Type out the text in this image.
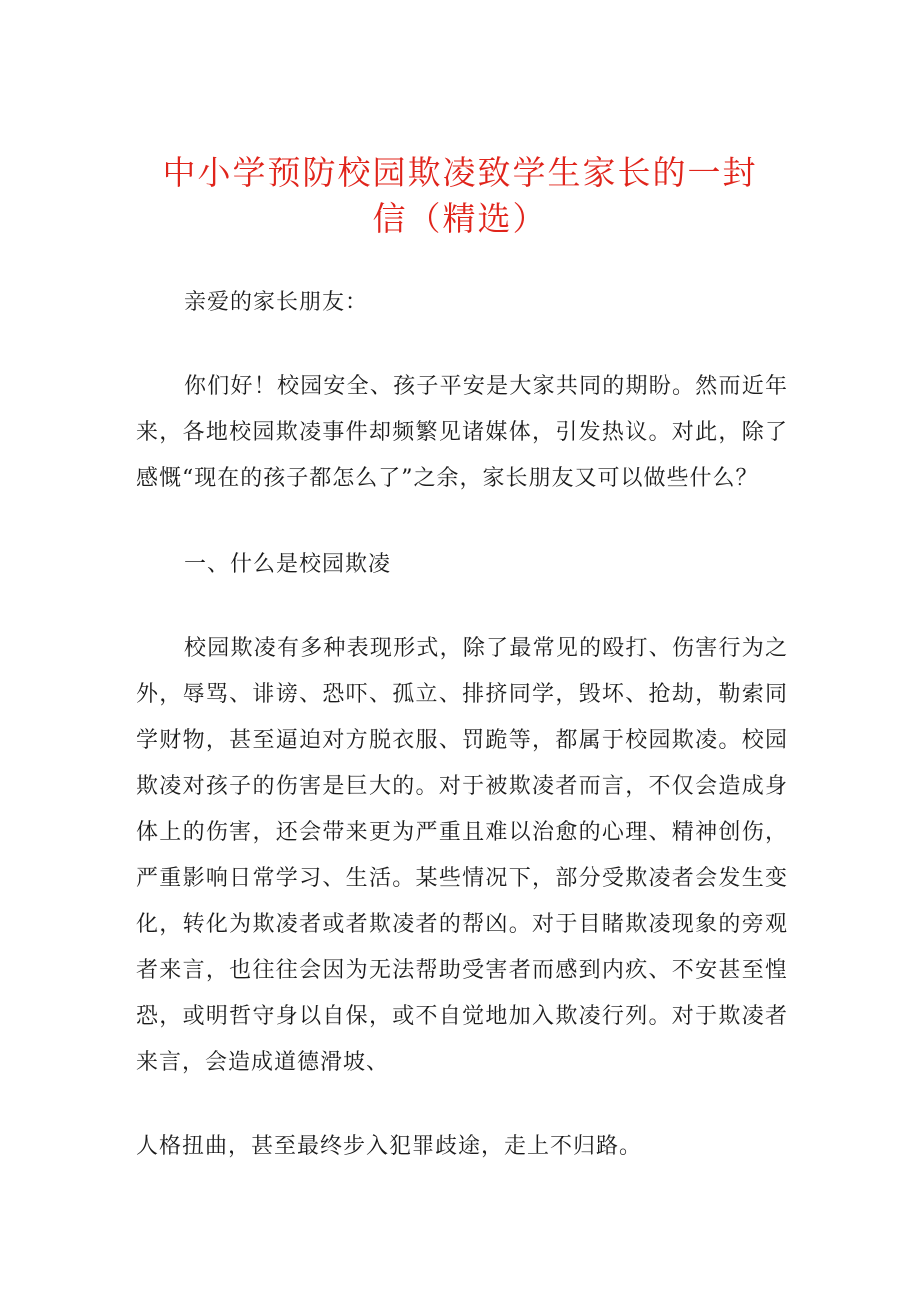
中小学预防校园欺凌致学生家长的一封
信（精选）

亲爱的家长朋友：

你们好！校园安全、孩子平安是大家共同的期盼。然而近年来，各地校园欺凌事件却频繁见诸媒体，引发热议。对此，除了感慨“现在的孩子都怎么了”之余，家长朋友又可以做些什么？

一、什么是校园欺凌

校园欺凌有多种表现形式，除了最常见的殴打、伤害行为之外，辱骂、诽谤、恐吓、孤立、排挤同学，毁坏、抢劫，勒索同学财物，甚至逼迫对方脱衣服、罚跪等，都属于校园欺凌。校园欺凌对孩子的伤害是巨大的。对于被欺凌者而言，不仅会造成身体上的伤害，还会带来更为严重且难以治愈的心理、精神创伤，严重影响日常学习、生活。某些情况下，部分受欺凌者会发生变化，转化为欺凌者或者欺凌者的帮凶。对于目睹欺凌现象的旁观者来言，也往往会因为无法帮助受害者而感到内疚、不安甚至惶恐，或明哲守身以自保，或不自觉地加入欺凌行列。对于欺凌者来言，会造成道德滑坡、

人格扭曲，甚至最终步入犯罪歧途，走上不归路。
